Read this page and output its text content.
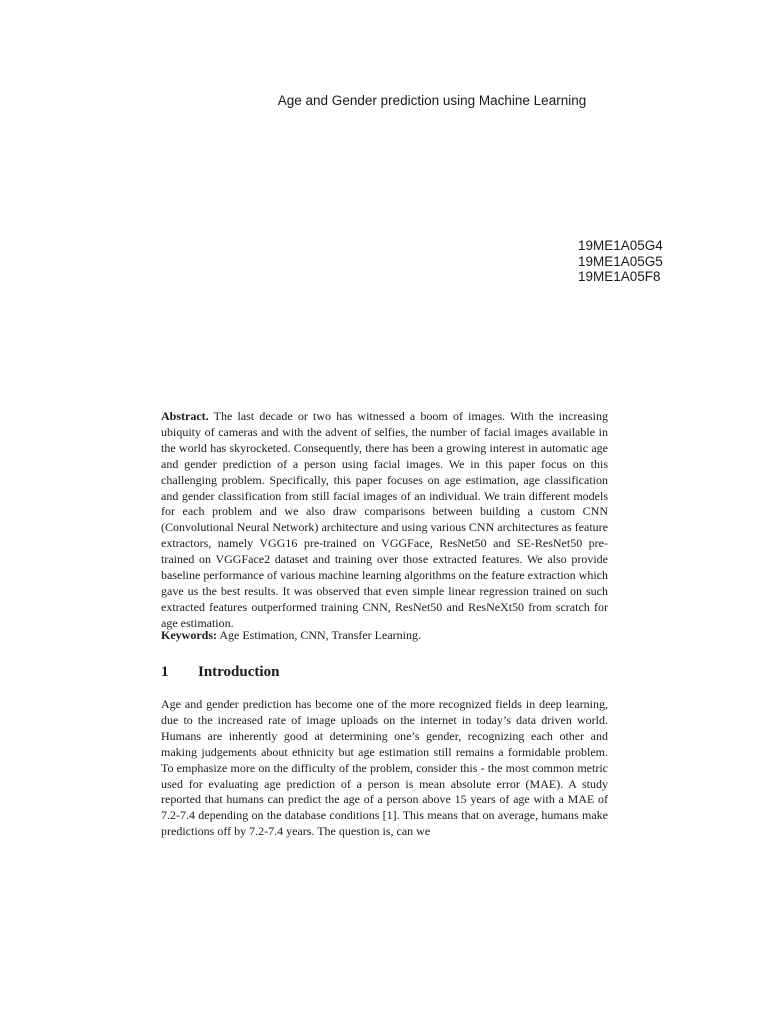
Age and Gender prediction using Machine Learning
19ME1A05G4
19ME1A05G5
19ME1A05F8

Abstract. The last decade or two has witnessed a boom of images. With the increasing ubiquity of cameras and with the advent of selfies, the number of facial images available in the world has skyrocketed. Consequently, there has been a growing interest in automatic age and gender prediction of a person using facial images. We in this paper focus on this challenging problem. Specifically, this paper focuses on age estimation, age classification and gender classification from still facial images of an individual. We train different models for each problem and we also draw comparisons between building a custom CNN (Convolutional Neural Network) architecture and using various CNN architectures as feature extractors, namely VGG16 pre-trained on VGGFace, ResNet50 and SE-ResNet50 pre-trained on VGGFace2 dataset and training over those extracted features. We also provide baseline performance of various machine learning algorithms on the feature extraction which gave us the best results. It was observed that even simple linear regression trained on such extracted features outperformed training CNN, ResNet50 and ResNeXt50 from scratch for age estimation.

Keywords: Age Estimation, CNN, Transfer Learning.

1 Introduction

Age and gender prediction has become one of the more recognized fields in deep learning, due to the increased rate of image uploads on the internet in today’s data driven world. Humans are inherently good at determining one’s gender, recognizing each other and making judgements about ethnicity but age estimation still remains a formidable problem. To emphasize more on the difficulty of the problem, consider this - the most common metric used for evaluating age prediction of a person is mean absolute error (MAE). A study reported that humans can predict the age of a person above 15 years of age with a MAE of 7.2-7.4 depending on the database conditions [1]. This means that on average, humans make predictions off by 7.2-7.4 years. The question is, can we
